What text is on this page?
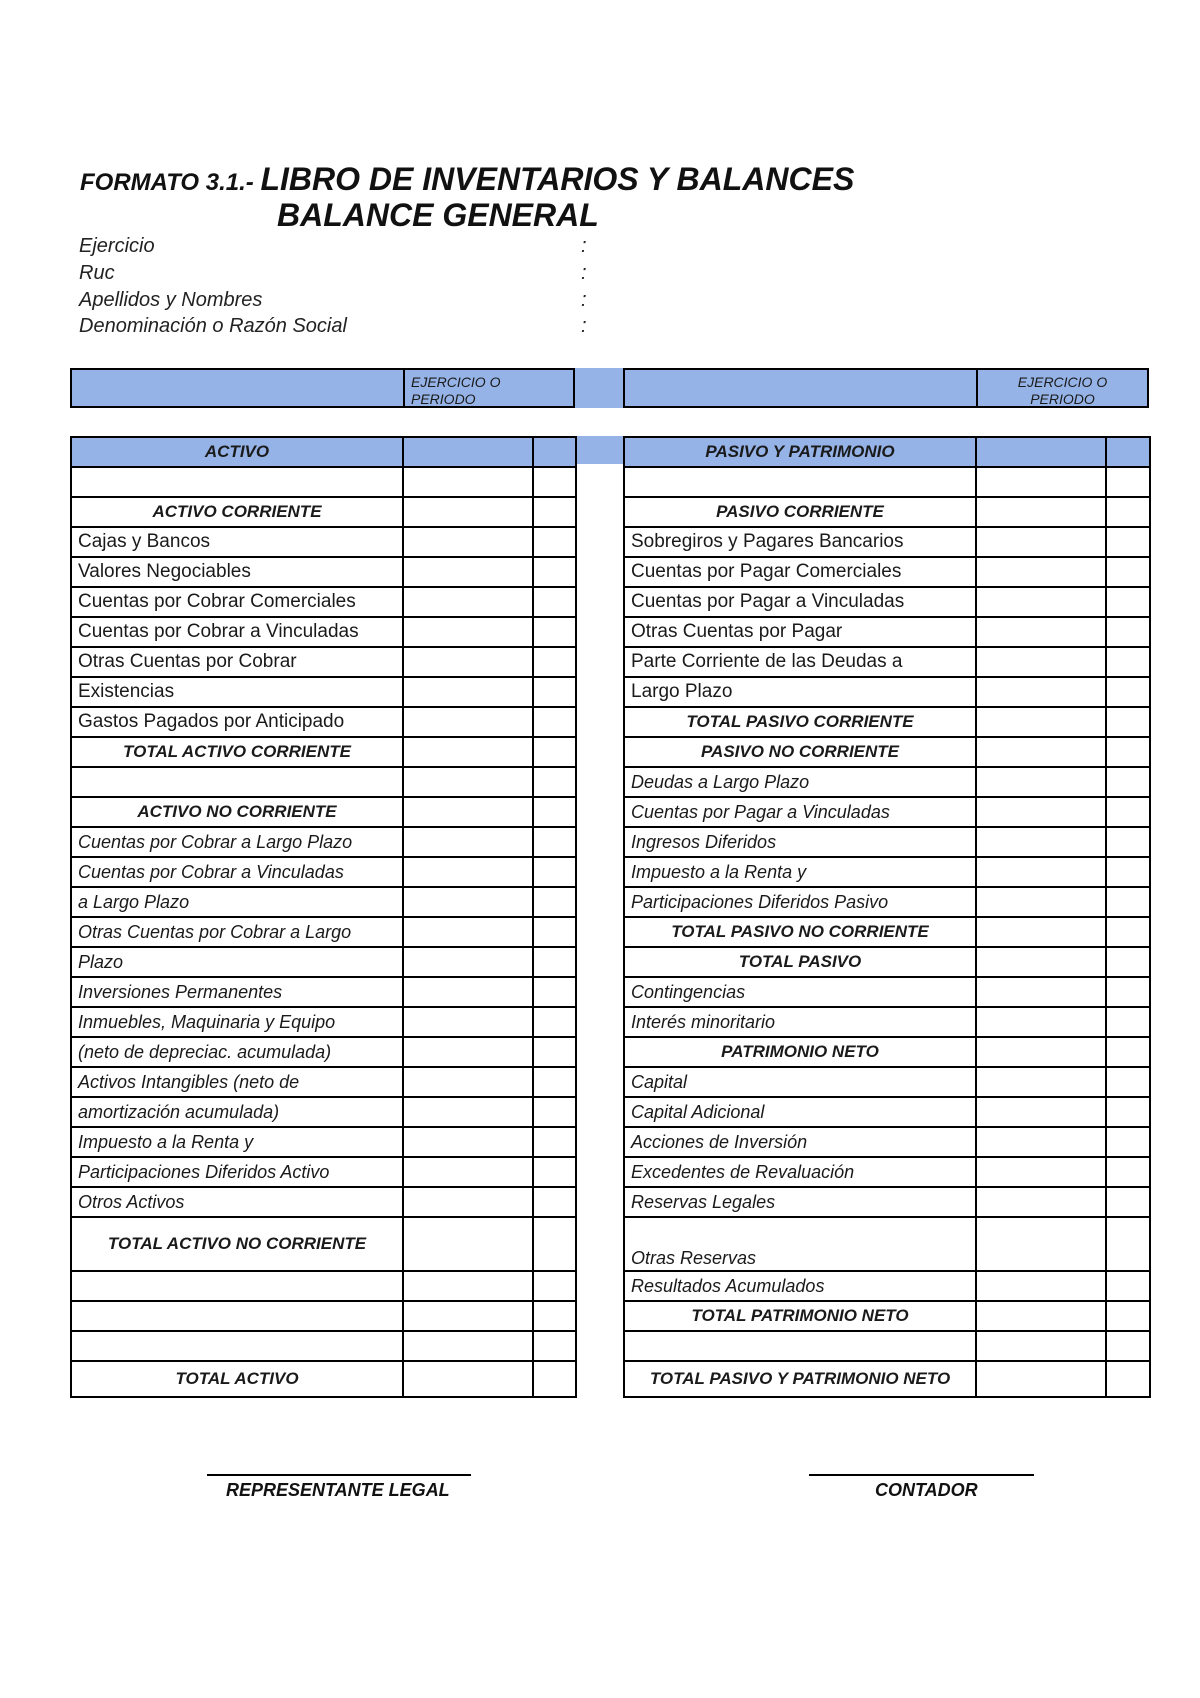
FORMATO 3.1.- LIBRO DE INVENTARIOS Y BALANCES
BALANCE GENERAL
Ejercicio	:
Ruc	:
Apellidos y Nombres	:
Denominación o Razón Social	:
EJERCICIO O PERIODO
EJERCICIO O PERIODO
ACTIVO		

ACTIVO CORRIENTE		
Cajas y Bancos		
Valores Negociables		
Cuentas por Cobrar Comerciales		
Cuentas por Cobrar a Vinculadas		
Otras Cuentas por Cobrar		
Existencias		
Gastos Pagados por Anticipado		
TOTAL ACTIVO CORRIENTE		

ACTIVO NO CORRIENTE		
Cuentas por Cobrar a Largo Plazo		
Cuentas por Cobrar a Vinculadas		
a Largo Plazo		
Otras Cuentas por Cobrar a Largo		
Plazo		
Inversiones Permanentes		
Inmuebles, Maquinaria y Equipo		
(neto de depreciac. acumulada)		
Activos Intangibles (neto de		
amortización acumulada)		
Impuesto a la Renta y		
Participaciones Diferidos Activo		
Otros Activos		
TOTAL ACTIVO NO CORRIENTE		

TOTAL ACTIVO		
PASIVO Y PATRIMONIO		

PASIVO CORRIENTE		
Sobregiros y Pagares Bancarios		
Cuentas por Pagar Comerciales		
Cuentas por Pagar a Vinculadas		
Otras Cuentas por Pagar		
Parte Corriente de las Deudas a		
Largo Plazo		
TOTAL PASIVO CORRIENTE		
PASIVO NO CORRIENTE		
Deudas a Largo Plazo		
Cuentas por Pagar a Vinculadas		
Ingresos Diferidos		
Impuesto a la Renta y		
Participaciones Diferidos Pasivo		
TOTAL PASIVO NO CORRIENTE		
TOTAL PASIVO		
Contingencias		
Interés minoritario		
PATRIMONIO NETO		
Capital		
Capital Adicional		
Acciones de Inversión		
Excedentes de Revaluación		
Reservas Legales		
Otras Reservas		
Resultados Acumulados		
TOTAL PATRIMONIO NETO		

TOTAL PASIVO Y PATRIMONIO NETO		
REPRESENTANTE LEGAL	CONTADOR
